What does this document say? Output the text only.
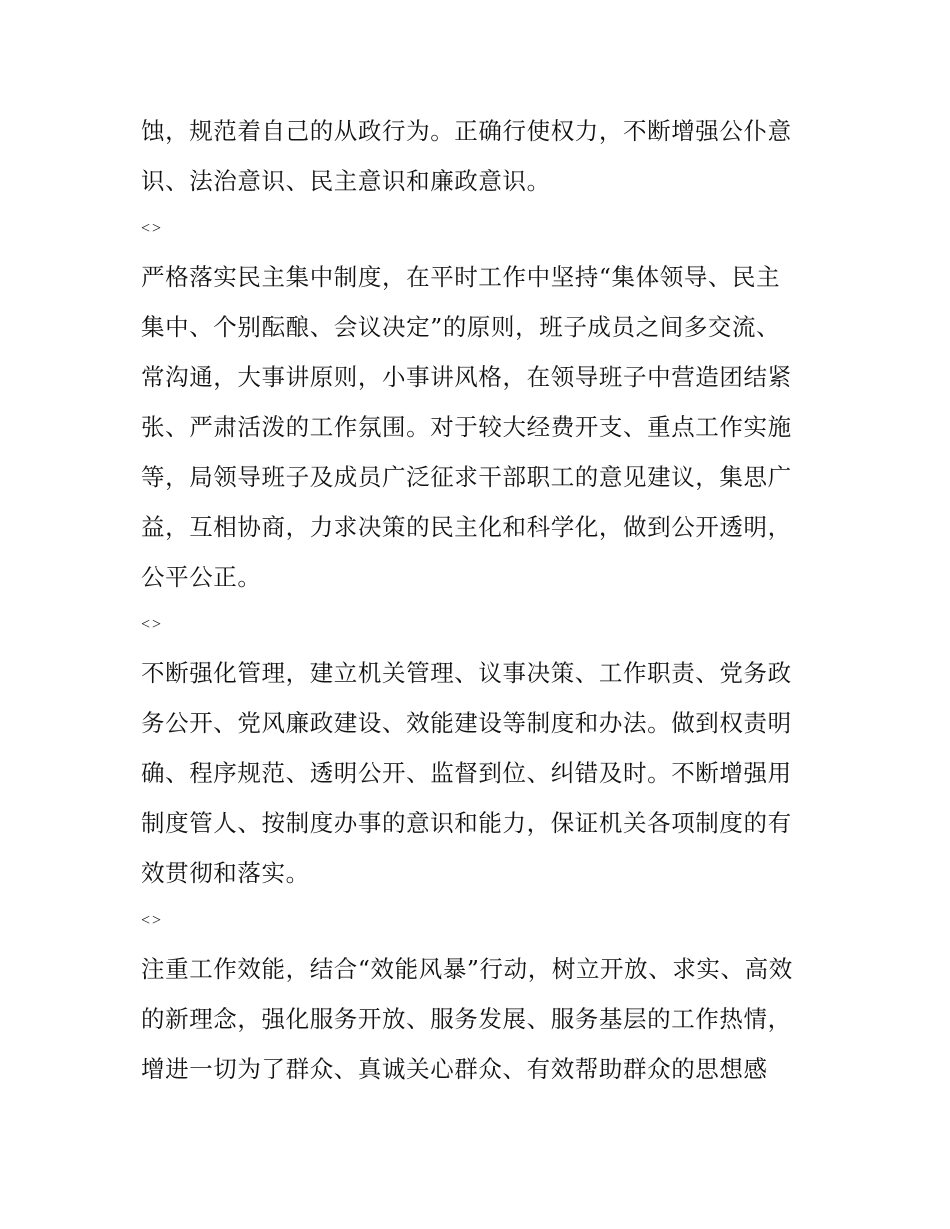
蚀，规范着自己的从政行为。正确行使权力，不断增强公仆意
识、法治意识、民主意识和廉政意识。
<>
严格落实民主集中制度，在平时工作中坚持“集体领导、民主
集中、个别酝酿、会议决定”的原则，班子成员之间多交流、
常沟通，大事讲原则，小事讲风格，在领导班子中营造团结紧
张、严肃活泼的工作氛围。对于较大经费开支、重点工作实施
等，局领导班子及成员广泛征求干部职工的意见建议，集思广
益，互相协商，力求决策的民主化和科学化，做到公开透明，
公平公正。
<>
不断强化管理，建立机关管理、议事决策、工作职责、党务政
务公开、党风廉政建设、效能建设等制度和办法。做到权责明
确、程序规范、透明公开、监督到位、纠错及时。不断增强用
制度管人、按制度办事的意识和能力，保证机关各项制度的有
效贯彻和落实。
<>
注重工作效能，结合“效能风暴”行动，树立开放、求实、高效
的新理念，强化服务开放、服务发展、服务基层的工作热情，
增进一切为了群众、真诚关心群众、有效帮助群众的思想感
